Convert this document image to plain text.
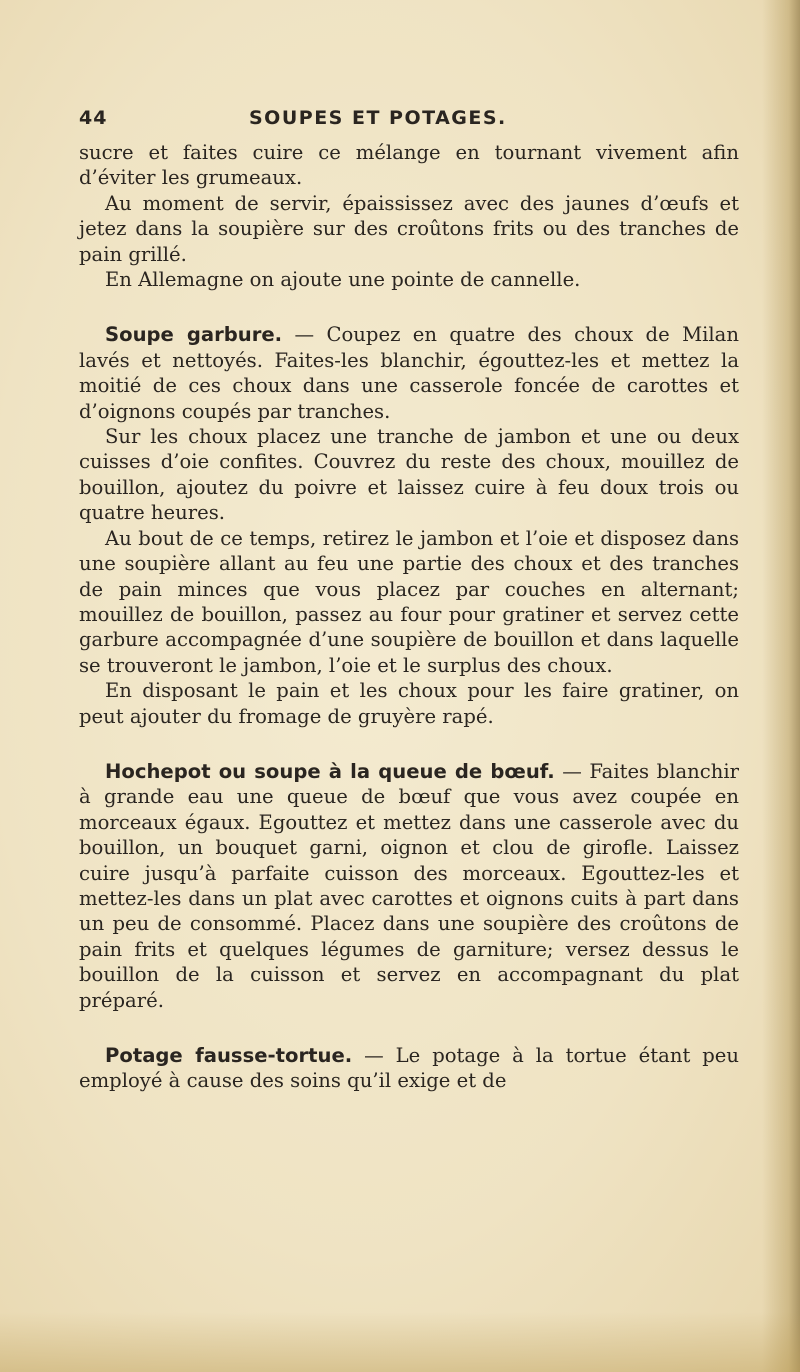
44	SOUPES ET POTAGES.

sucre et faites cuire ce mélange en tournant vivement afin d’éviter les grumeaux.

Au moment de servir, épaississez avec des jaunes d’œufs et jetez dans la soupière sur des croûtons frits ou des tranches de pain grillé.

En Allemagne on ajoute une pointe de cannelle.

Soupe garbure. — Coupez en quatre des choux de Milan lavés et nettoyés. Faites-les blanchir, égouttez-les et mettez la moitié de ces choux dans une casserole foncée de carottes et d’oignons coupés par tranches.

Sur les choux placez une tranche de jambon et une ou deux cuisses d’oie confites. Couvrez du reste des choux, mouillez de bouillon, ajoutez du poivre et laissez cuire à feu doux trois ou quatre heures.

Au bout de ce temps, retirez le jambon et l’oie et disposez dans une soupière allant au feu une partie des choux et des tranches de pain minces que vous placez par couches en alternant; mouillez de bouillon, passez au four pour gratiner et servez cette garbure accompagnée d’une soupière de bouillon et dans laquelle se trouveront le jambon, l’oie et le surplus des choux.

En disposant le pain et les choux pour les faire gratiner, on peut ajouter du fromage de gruyère rapé.

Hochepot ou soupe à la queue de bœuf. — Faites blanchir à grande eau une queue de bœuf que vous avez coupée en morceaux égaux. Egouttez et mettez dans une casserole avec du bouillon, un bouquet garni, oignon et clou de girofle. Laissez cuire jusqu’à parfaite cuisson des morceaux. Egouttez-les et mettez-les dans un plat avec carottes et oignons cuits à part dans un peu de consommé. Placez dans une soupière des croûtons de pain frits et quelques légumes de garniture; versez dessus le bouillon de la cuisson et servez en accompagnant du plat préparé.

Potage fausse-tortue. — Le potage à la tortue étant peu employé à cause des soins qu’il exige et de
